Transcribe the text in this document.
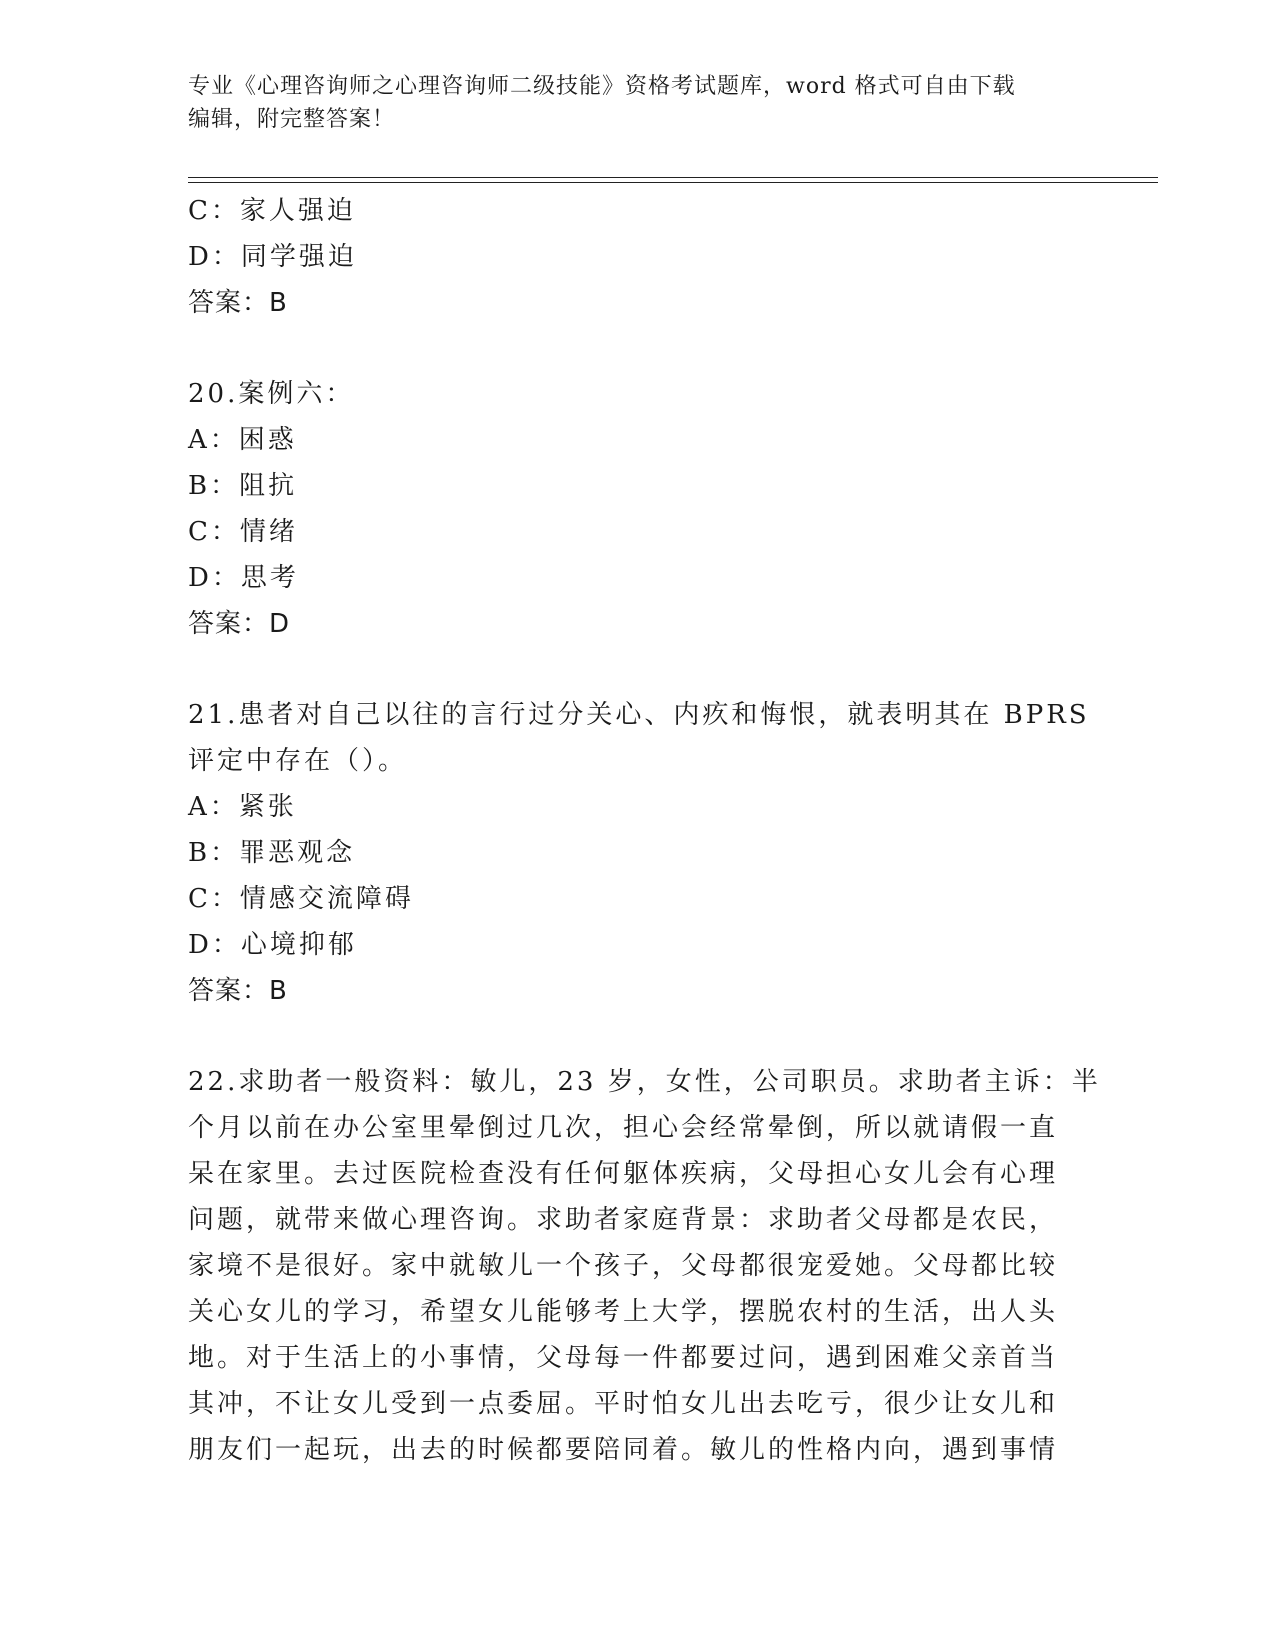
专业《心理咨询师之心理咨询师二级技能》资格考试题库，word 格式可自由下载
编辑，附完整答案！
C：家人强迫
D：同学强迫
答案：B
20.案例六：
A：困惑
B：阻抗
C：情绪
D：思考
答案：D
21.患者对自己以往的言行过分关心、内疚和悔恨，就表明其在 BPRS
评定中存在（）。
A：紧张
B：罪恶观念
C：情感交流障碍
D：心境抑郁
答案：B
22.求助者一般资料：敏儿，23 岁，女性，公司职员。求助者主诉：半
个月以前在办公室里晕倒过几次，担心会经常晕倒，所以就请假一直
呆在家里。去过医院检查没有任何躯体疾病，父母担心女儿会有心理
问题，就带来做心理咨询。求助者家庭背景：求助者父母都是农民，
家境不是很好。家中就敏儿一个孩子，父母都很宠爱她。父母都比较
关心女儿的学习，希望女儿能够考上大学，摆脱农村的生活，出人头
地。对于生活上的小事情，父母每一件都要过问，遇到困难父亲首当
其冲，不让女儿受到一点委屈。平时怕女儿出去吃亏，很少让女儿和
朋友们一起玩，出去的时候都要陪同着。敏儿的性格内向，遇到事情
